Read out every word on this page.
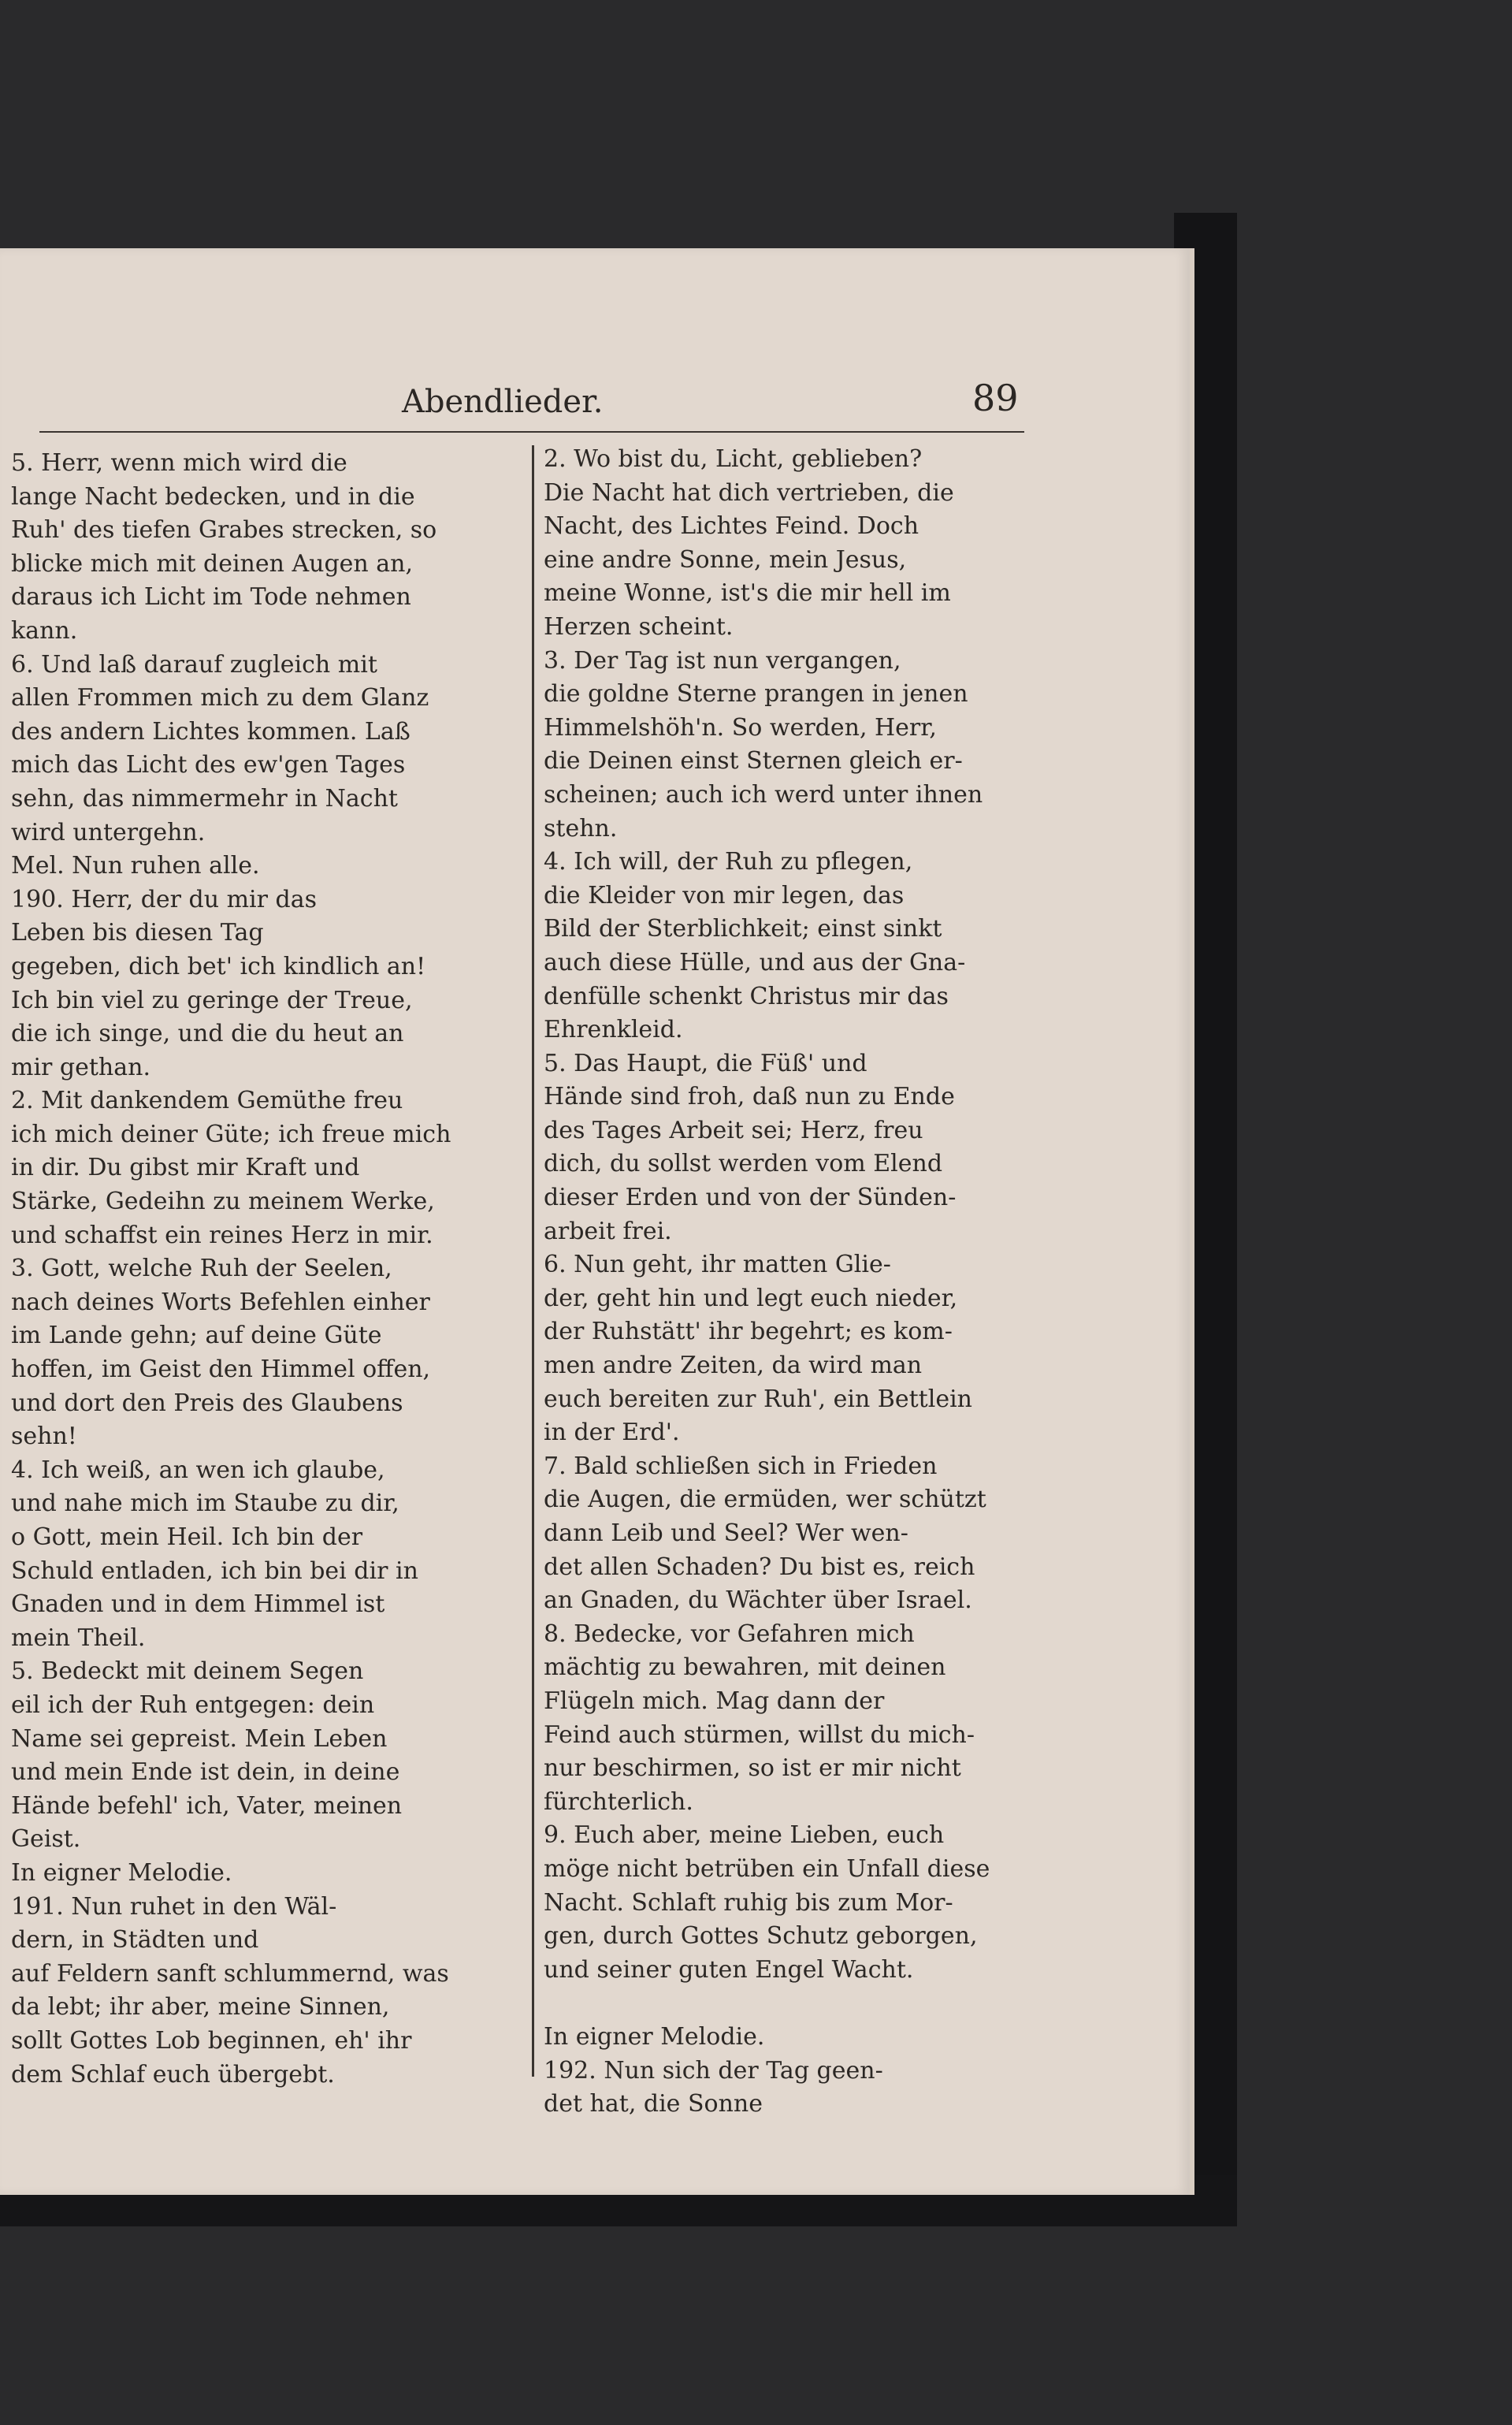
Abendlieder.	89

5. Herr, wenn mich wird die

lange Nacht bedecken, und in die

Ruh' des tiefen Grabes strecken, so

blicke mich mit deinen Augen an,

daraus ich Licht im Tode nehmen

kann.

6. Und laß darauf zugleich mit

allen Frommen mich zu dem Glanz

des andern Lichtes kommen. Laß

mich das Licht des ew'gen Tages

sehn, das nimmermehr in Nacht

wird untergehn.

Mel. Nun ruhen alle.

190. Herr, der du mir das

Leben bis diesen Tag

gegeben, dich bet' ich kindlich an!

Ich bin viel zu geringe der Treue,

die ich singe, und die du heut an

mir gethan.

2. Mit dankendem Gemüthe freu

ich mich deiner Güte; ich freue mich

in dir. Du gibst mir Kraft und

Stärke, Gedeihn zu meinem Werke,

und schaffst ein reines Herz in mir.

3. Gott, welche Ruh der Seelen,

nach deines Worts Befehlen einher

im Lande gehn; auf deine Güte

hoffen, im Geist den Himmel offen,

und dort den Preis des Glaubens

sehn!

4. Ich weiß, an wen ich glaube,

und nahe mich im Staube zu dir,

o Gott, mein Heil. Ich bin der

Schuld entladen, ich bin bei dir in

Gnaden und in dem Himmel ist

mein Theil.

5. Bedeckt mit deinem Segen

eil ich der Ruh entgegen: dein

Name sei gepreist. Mein Leben

und mein Ende ist dein, in deine

Hände befehl' ich, Vater, meinen

Geist.

In eigner Melodie.

191. Nun ruhet in den Wäl-

dern, in Städten und

auf Feldern sanft schlummernd, was

da lebt; ihr aber, meine Sinnen,

sollt Gottes Lob beginnen, eh' ihr

dem Schlaf euch übergebt.

2. Wo bist du, Licht, geblieben?

Die Nacht hat dich vertrieben, die

Nacht, des Lichtes Feind. Doch

eine andre Sonne, mein Jesus,

meine Wonne, ist's die mir hell im

Herzen scheint.

3. Der Tag ist nun vergangen,

die goldne Sterne prangen in jenen

Himmelshöh'n. So werden, Herr,

die Deinen einst Sternen gleich er-

scheinen; auch ich werd unter ihnen

stehn.

4. Ich will, der Ruh zu pflegen,

die Kleider von mir legen, das

Bild der Sterblichkeit; einst sinkt

auch diese Hülle, und aus der Gna-

denfülle schenkt Christus mir das

Ehrenkleid.

5. Das Haupt, die Füß' und

Hände sind froh, daß nun zu Ende

des Tages Arbeit sei; Herz, freu

dich, du sollst werden vom Elend

dieser Erden und von der Sünden-

arbeit frei.

6. Nun geht, ihr matten Glie-

der, geht hin und legt euch nieder,

der Ruhstätt' ihr begehrt; es kom-

men andre Zeiten, da wird man

euch bereiten zur Ruh', ein Bettlein

in der Erd'.

7. Bald schließen sich in Frieden

die Augen, die ermüden, wer schützt

dann Leib und Seel? Wer wen-

det allen Schaden? Du bist es, reich

an Gnaden, du Wächter über Israel.

8. Bedecke, vor Gefahren mich

mächtig zu bewahren, mit deinen

Flügeln mich. Mag dann der

Feind auch stürmen, willst du mich-

nur beschirmen, so ist er mir nicht

fürchterlich.

9. Euch aber, meine Lieben, euch

möge nicht betrüben ein Unfall diese

Nacht. Schlaft ruhig bis zum Mor-

gen, durch Gottes Schutz geborgen,

und seiner guten Engel Wacht.

In eigner Melodie.

192. Nun sich der Tag geen-

det hat, die Sonne
